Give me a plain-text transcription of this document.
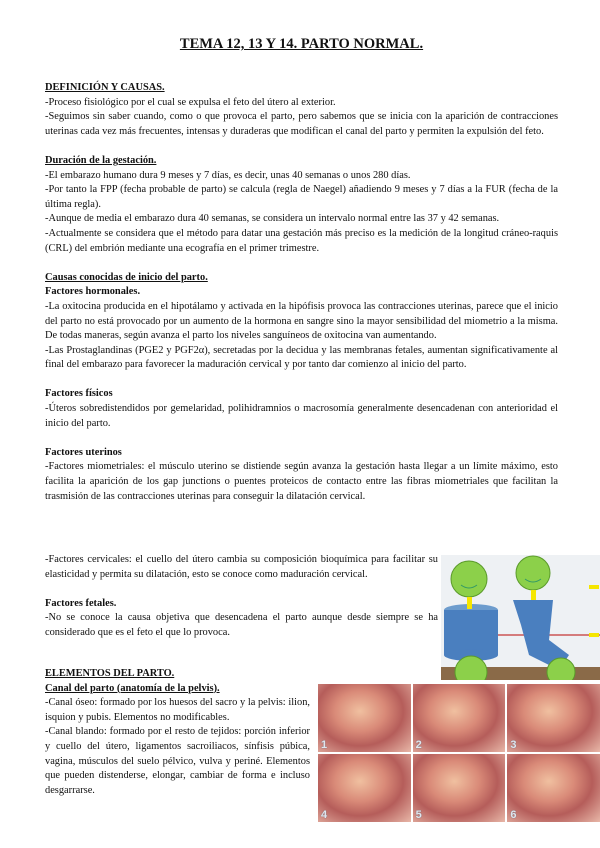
TEMA 12, 13 Y 14. PARTO NORMAL.

DEFINICIÓN Y CAUSAS.

-Proceso fisiológico por el cual se expulsa el feto del útero al exterior.

-Seguimos sin saber cuando, como o que provoca el parto, pero sabemos que se inicia con la aparición de contracciones uterinas cada vez más frecuentes, intensas y duraderas que modifican el canal del parto y permiten la expulsión del feto.

Duración de la gestación.

-El embarazo humano dura 9 meses y 7 días, es decir, unas 40 semanas o unos 280 días.

-Por tanto la FPP (fecha probable de parto) se calcula (regla de Naegel) añadiendo 9 meses y 7 días a la FUR (fecha de la última regla).

-Aunque de media el embarazo dura 40 semanas, se considera un intervalo normal entre las 37 y 42 semanas.

-Actualmente se considera que el método para datar una gestación más preciso es la medición de la longitud cráneo-raquis (CRL) del embrión mediante una ecografía en el primer trimestre.

Causas conocidas de inicio del parto.

Factores hormonales.

-La oxitocina producida en el hipotálamo y activada en la hipófisis provoca las contracciones uterinas, parece que el inicio del parto no está provocado por un aumento de la hormona en sangre sino la mayor sensibilidad del miometrio a la misma. De todas maneras, según avanza el parto los niveles sanguíneos de oxitocina van aumentando.

-Las Prostaglandinas (PGE2 y PGF2α), secretadas por la decidua y las membranas fetales, aumentan significativamente al final del embarazo para favorecer la maduración cervical y por tanto dar comienzo al inicio del parto.

Factores físicos

-Úteros sobredistendidos por gemelaridad, polihidramnios o macrosomía generalmente desencadenan con anterioridad el inicio del parto.

Factores uterinos

-Factores miometriales: el músculo uterino se distiende según avanza la gestación hasta llegar a un límite máximo, esto facilita la aparición de los gap junctions o puentes proteicos de contacto entre las fibras miometriales que facilitan la trasmisión de las contracciones uterinas para conseguir la dilatación cervical.

-Factores cervicales: el cuello del útero cambia su composición bioquímica para facilitar su elasticidad y permita su dilatación, esto se conoce como maduración cervical.

Factores fetales.

-No se conoce la causa objetiva que desencadena el parto aunque desde siempre se ha considerado que es el feto el que lo provoca.

ELEMENTOS DEL PARTO.

Canal del parto (anatomía de la pelvis).

-Canal óseo: formado por los huesos del sacro y la pelvis: ilion, isquion y pubis. Elementos no modificables.

-Canal blando: formado por el resto de tejidos: porción inferior y cuello del útero, ligamentos sacroiliacos, sínfisis púbica, vagina, músculos del suelo pélvico, vulva y periné. Elementos que pueden distenderse, elongar, cambiar de forma e incluso desgarrarse.

1	2	3
4	5	6
